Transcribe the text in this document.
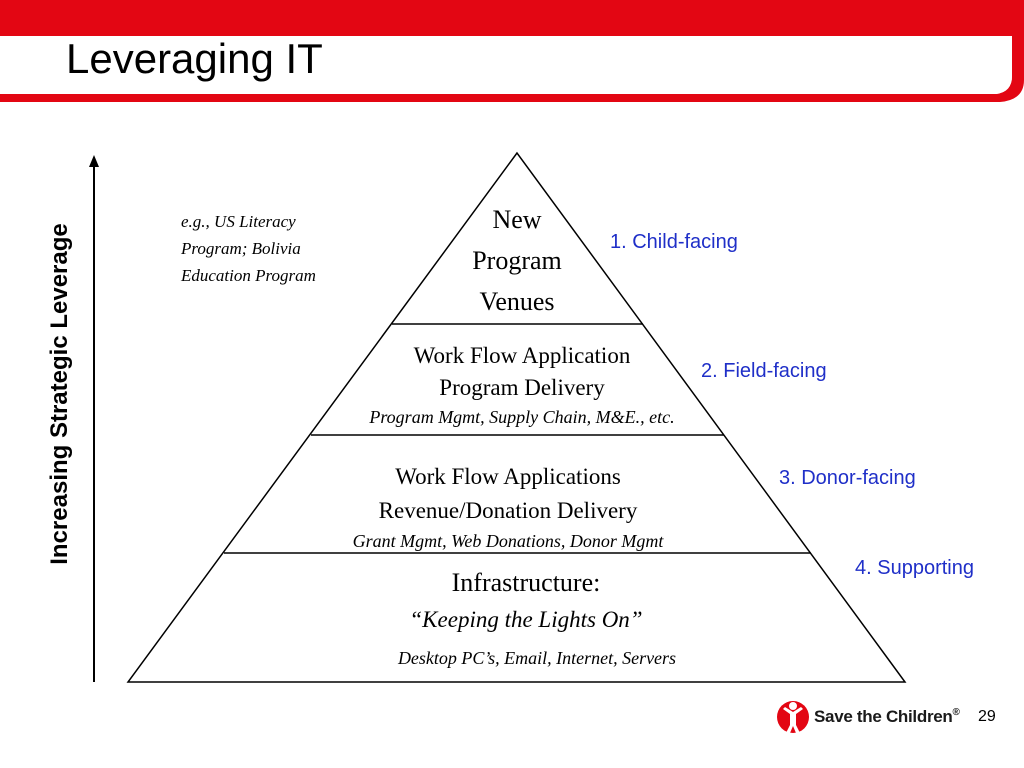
Leveraging IT
Increasing Strategic Leverage
New
Program
Venues
Work Flow Application
Program Delivery
Program Mgmt, Supply Chain, M&E., etc.
Work Flow Applications
Revenue/Donation Delivery
Grant Mgmt, Web Donations, Donor Mgmt
Infrastructure:
“Keeping the Lights On”
Desktop PC’s, Email, Internet, Servers
e.g., US Literacy
Program; Bolivia
Education Program
1. Child-facing
2. Field-facing
3. Donor-facing
4. Supporting
Save the Children® 29
